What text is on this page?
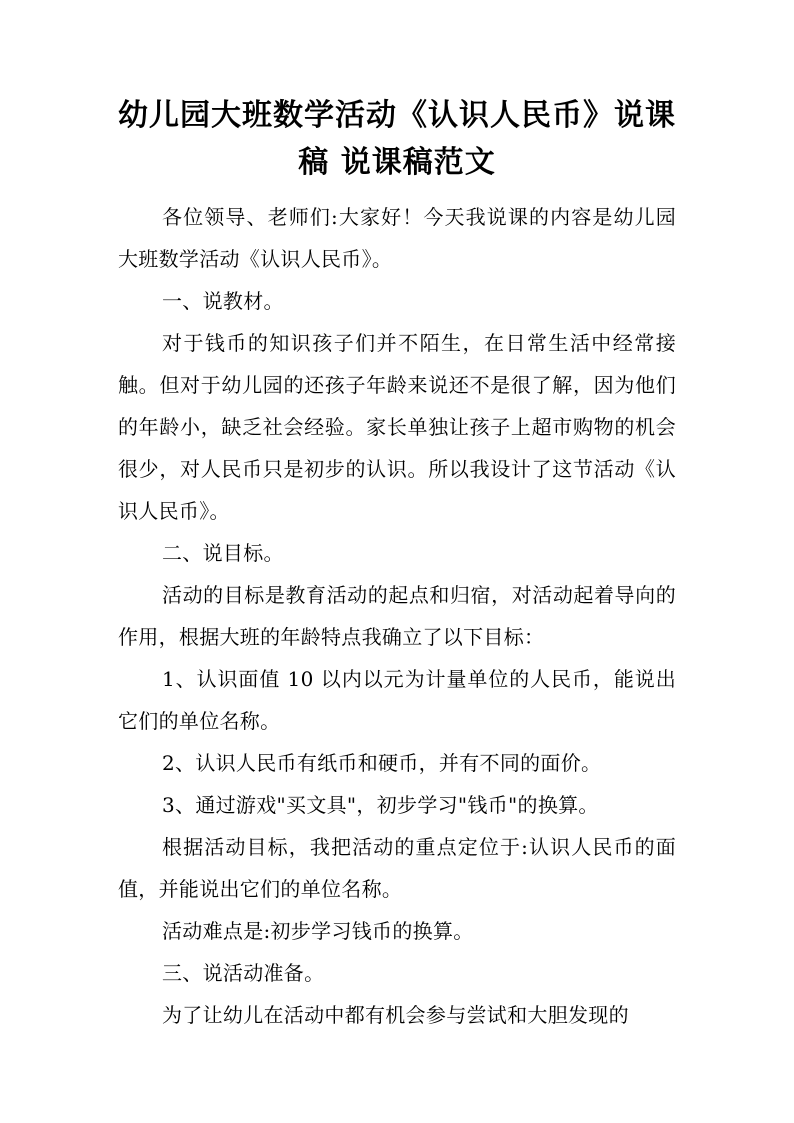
幼儿园大班数学活动《认识人民币》说课稿 说课稿范文

各位领导、老师们:大家好！今天我说课的内容是幼儿园大班数学活动《认识人民币》。

一、说教材。

对于钱币的知识孩子们并不陌生，在日常生活中经常接触。但对于幼儿园的还孩子年龄来说还不是很了解，因为他们的年龄小，缺乏社会经验。家长单独让孩子上超市购物的机会很少，对人民币只是初步的认识。所以我设计了这节活动《认识人民币》。

二、说目标。

活动的目标是教育活动的起点和归宿，对活动起着导向的作用，根据大班的年龄特点我确立了以下目标：

1、认识面值 10 以内以元为计量单位的人民币，能说出它们的单位名称。

2、认识人民币有纸币和硬币，并有不同的面价。

3、通过游戏"买文具"，初步学习"钱币"的换算。

根据活动目标，我把活动的重点定位于:认识人民币的面值，并能说出它们的单位名称。

活动难点是:初步学习钱币的换算。

三、说活动准备。

为了让幼儿在活动中都有机会参与尝试和大胆发现的
